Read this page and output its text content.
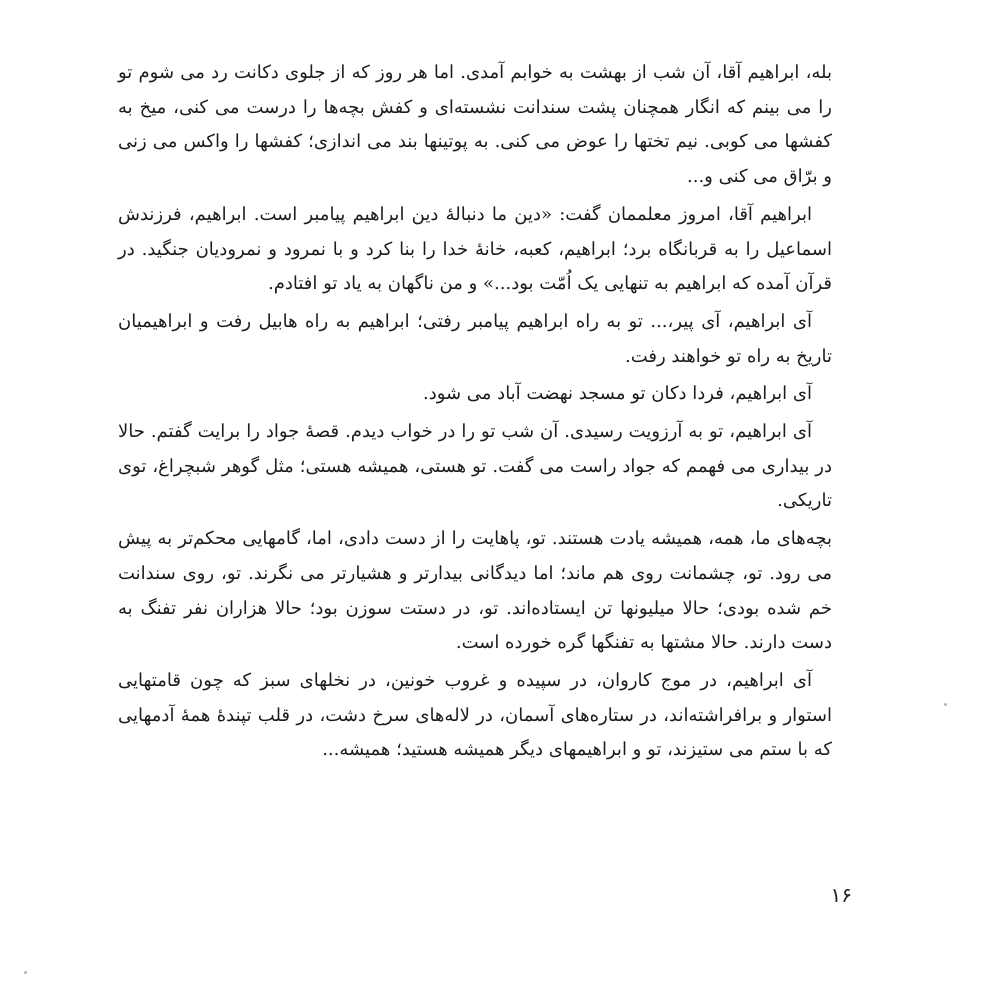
بله، ابراهیم آقا، آن شب از بهشت به خوابم آمدی. اما هر روز که از جلوی دکانت رد می شوم تو را می بینم که انگار همچنان پشت سندانت نشسته‌ای و کفش بچه‌ها را درست می کنی، میخ به کفشها می کوبی. نیم تختها را عوض می کنی. به پوتینها بند می اندازی؛ کفشها را واکس می زنی و برّاق می کنی و...

ابراهیم آقا، امروز معلممان گفت: «دین ما دنبالهٔ دین ابراهیم پیامبر است. ابراهیم، فرزندش اسماعیل را به قربانگاه برد؛ ابراهیم، کعبه، خانهٔ خدا را بنا کرد و با نمرود و نمرودیان جنگید. در قرآن آمده که ابراهیم به تنهایی یک اُمّت بود...» و من ناگهان به یاد تو افتادم.

آی ابراهیم، آی پیر،... تو به راه ابراهیم پیامبر رفتی؛ ابراهیم به راه هابیل رفت و ابراهیمیان تاریخ به راه تو خواهند رفت.

آی ابراهیم، فردا دکان تو مسجد نهضت آباد می شود.

آی ابراهیم، تو به آرزویت رسیدی. آن شب تو را در خواب دیدم. قصهٔ جواد را برایت گفتم. حالا در بیداری می فهمم که جواد راست می گفت. تو هستی، همیشه هستی؛ مثل گوهر شبچراغ، توی تاریکی.

بچه‌های ما، همه، همیشه یادت هستند. تو، پاهایت را از دست دادی، اما، گامهایی محکم‌تر به پیش می رود. تو، چشمانت روی هم ماند؛ اما دیدگانی بیدارتر و هشیارتر می نگرند. تو، روی سندانت خم شده بودی؛ حالا میلیونها تن ایستاده‌اند. تو، در دستت سوزن بود؛ حالا هزاران نفر تفنگ به دست دارند. حالا مشتها به تفنگها گره خورده است.

آی ابراهیم، در موج کاروان، در سپیده و غروب خونین، در نخلهای سبز که چون قامتهایی استوار و برافراشته‌اند، در ستاره‌های آسمان، در لاله‌های سرخ دشت، در قلب تپندهٔ همهٔ آدمهایی که با ستم می ستیزند، تو و ابراهیمهای دیگر همیشه هستید؛ همیشه...

۱۶
